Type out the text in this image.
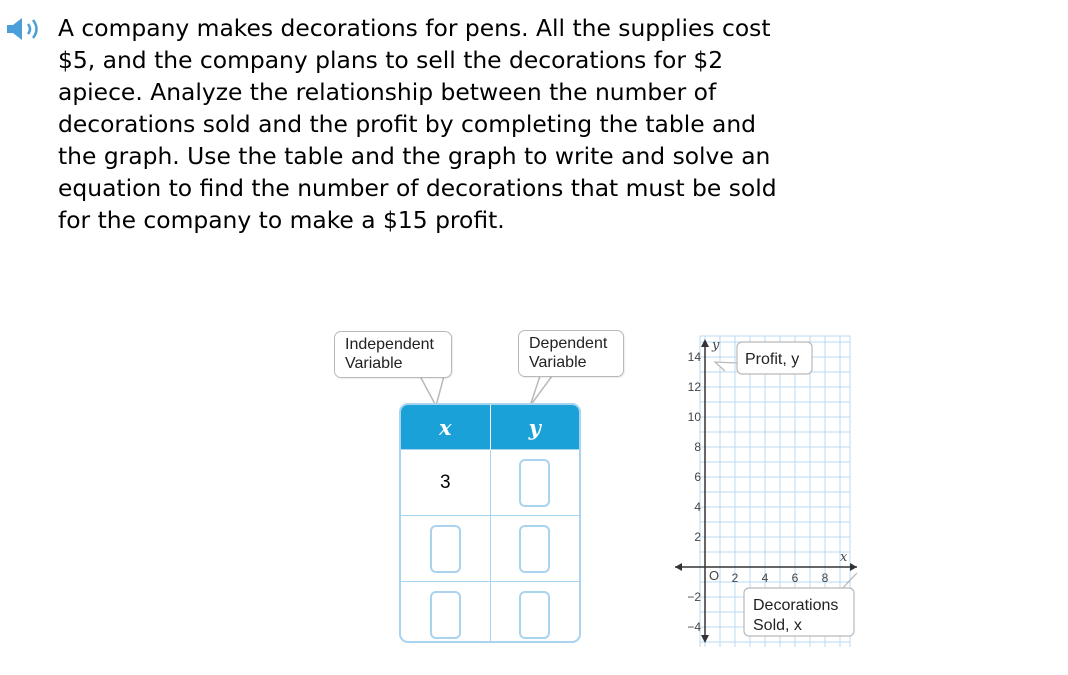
A company makes decorations for pens. All the supplies cost $5, and the company plans to sell the decorations for $2 apiece. Analyze the relationship between the number of decorations sold and the profit by completing the table and the graph. Use the table and the graph to write and solve an equation to find the number of decorations that must be sold for the company to make a $15 profit.

Independent
Variable
Dependent
Variable
x	y
3	

14
12
10
8
6
4
2
−2
−4
2 4 6 8
y
x
O
Profit, y
Decorations
Sold, x
